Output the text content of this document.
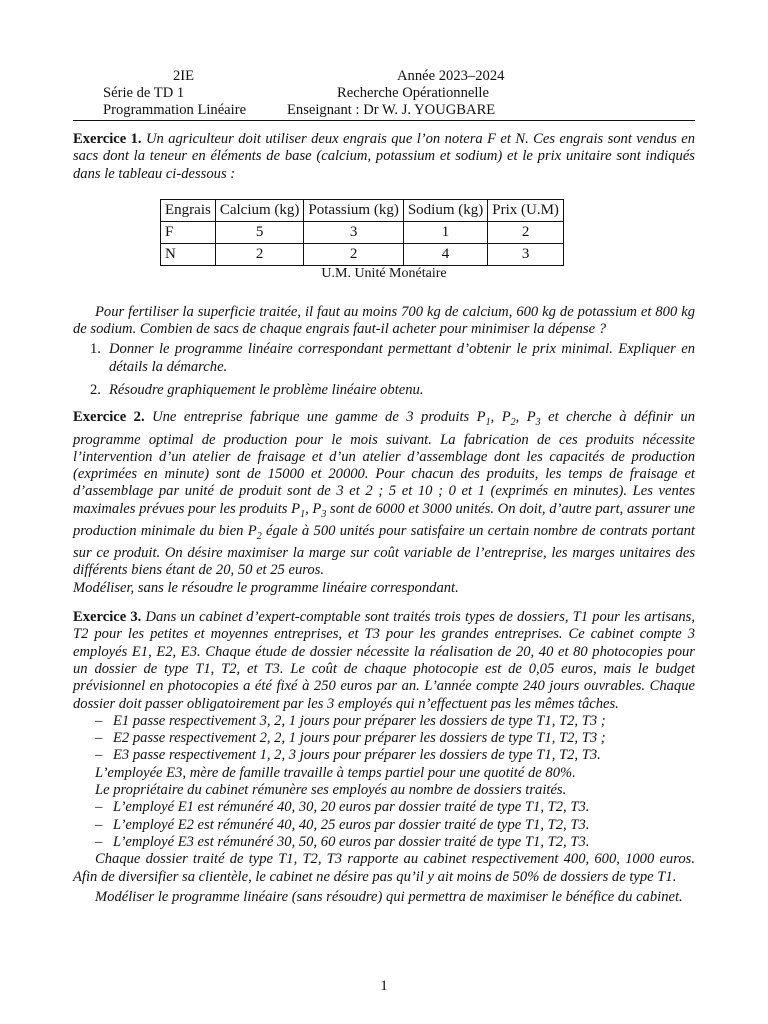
2IE
Série de TD 1
Programmation Linéaire
Année 2023–2024
Recherche Opérationnelle
Enseignant : Dr W. J. YOUGBARE

Exercice 1. Un agriculteur doit utiliser deux engrais que l’on notera F et N. Ces engrais sont vendus en sacs dont la teneur en éléments de base (calcium, potassium et sodium) et le prix unitaire sont indiqués dans le tableau ci-dessous :

Engrais	Calcium (kg)	Potassium (kg)	Sodium (kg)	Prix (U.M)
F	5	3	1	2
N	2	2	4	3

U.M. Unité Monétaire

Pour fertiliser la superficie traitée, il faut au moins 700 kg de calcium, 600 kg de potassium et 800 kg de sodium. Combien de sacs de chaque engrais faut-il acheter pour minimiser la dépense ?

1. Donner le programme linéaire correspondant permettant d’obtenir le prix minimal. Expliquer en détails la démarche.
2. Résoudre graphiquement le problème linéaire obtenu.

Exercice 2. Une entreprise fabrique une gamme de 3 produits $P_1$, $P_2$, $P_3$ et cherche à définir un programme optimal de production pour le mois suivant. La fabrication de ces produits nécessite l’intervention d’un atelier de fraisage et d’un atelier d’assemblage dont les capacités de production (exprimées en minute) sont de 15000 et 20000. Pour chacun des produits, les temps de fraisage et d’assemblage par unité de produit sont de 3 et 2 ; 5 et 10 ; 0 et 1 (exprimés en minutes). Les ventes maximales prévues pour les produits $P_1$, $P_3$ sont de 6000 et 3000 unités. On doit, d’autre part, assurer une production minimale du bien $P_2$ égale à 500 unités pour satisfaire un certain nombre de contrats portant sur ce produit. On désire maximiser la marge sur coût variable de l’entreprise, les marges unitaires des différents biens étant de 20, 50 et 25 euros.

Modéliser, sans le résoudre le programme linéaire correspondant.

Exercice 3. Dans un cabinet d’expert-comptable sont traités trois types de dossiers, T1 pour les artisans, T2 pour les petites et moyennes entreprises, et T3 pour les grandes entreprises. Ce cabinet compte 3 employés E1, E2, E3. Chaque étude de dossier nécessite la réalisation de 20, 40 et 80 photocopies pour un dossier de type T1, T2, et T3. Le coût de chaque photocopie est de 0,05 euros, mais le budget prévisionnel en photocopies a été fixé à 250 euros par an. L’année compte 240 jours ouvrables. Chaque dossier doit passer obligatoirement par les 3 employés qui n’effectuent pas les mêmes tâches.

– E1 passe respectivement 3, 2, 1 jours pour préparer les dossiers de type T1, T2, T3 ;
– E2 passe respectivement 2, 2, 1 jours pour préparer les dossiers de type T1, T2, T3 ;
– E3 passe respectivement 1, 2, 3 jours pour préparer les dossiers de type T1, T2, T3.

L’employée E3, mère de famille travaille à temps partiel pour une quotité de 80%.

Le propriétaire du cabinet rémunère ses employés au nombre de dossiers traités.

– L’employé E1 est rémunéré 40, 30, 20 euros par dossier traité de type T1, T2, T3.
– L’employé E2 est rémunéré 40, 40, 25 euros par dossier traité de type T1, T2, T3.
– L’employé E3 est rémunéré 30, 50, 60 euros par dossier traité de type T1, T2, T3.

Chaque dossier traité de type T1, T2, T3 rapporte au cabinet respectivement 400, 600, 1000 euros. Afin de diversifier sa clientèle, le cabinet ne désire pas qu’il y ait moins de 50% de dossiers de type T1.

Modéliser le programme linéaire (sans résoudre) qui permettra de maximiser le bénéfice du cabinet.

1
